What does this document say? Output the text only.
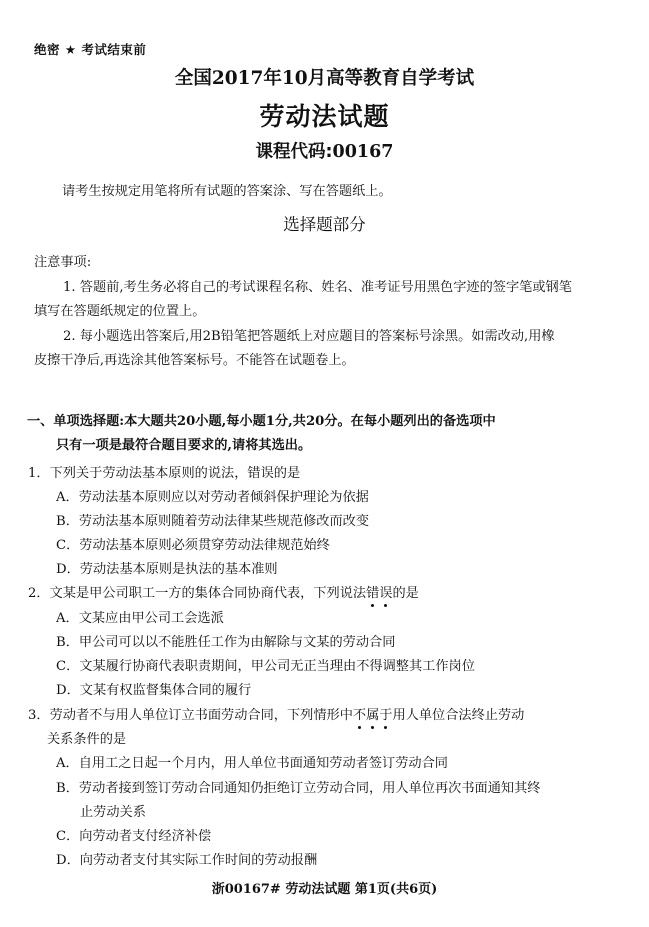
绝密 ★ 考试结束前
全国2017年10月高等教育自学考试
劳动法试题
课程代码:00167
请考生按规定用笔将所有试题的答案涂、写在答题纸上。
选择题部分
注意事项:
1. 答题前,考生务必将自己的考试课程名称、姓名、准考证号用黑色字迹的签字笔或钢笔
填写在答题纸规定的位置上。
2. 每小题选出答案后,用2B铅笔把答题纸上对应题目的答案标号涂黑。如需改动,用橡
皮擦干净后,再选涂其他答案标号。不能答在试题卷上。
一、单项选择题:本大题共20小题,每小题1分,共20分。在每小题列出的备选项中
只有一项是最符合题目要求的,请将其选出。
1．下列关于劳动法基本原则的说法，错误的是
A．劳动法基本原则应以对劳动者倾斜保护理论为依据
B．劳动法基本原则随着劳动法律某些规范修改而改变
C．劳动法基本原则必须贯穿劳动法律规范始终
D．劳动法基本原则是执法的基本准则
2．文某是甲公司职工一方的集体合同协商代表，下列说法错误的是
A．文某应由甲公司工会选派
B．甲公司可以以不能胜任工作为由解除与文某的劳动合同
C．文某履行协商代表职责期间，甲公司无正当理由不得调整其工作岗位
D．文某有权监督集体合同的履行
3．劳动者不与用人单位订立书面劳动合同，下列情形中不属于用人单位合法终止劳动
关系条件的是
A．自用工之日起一个月内，用人单位书面通知劳动者签订劳动合同
B．劳动者接到签订劳动合同通知仍拒绝订立劳动合同，用人单位再次书面通知其终
止劳动关系
C．向劳动者支付经济补偿
D．向劳动者支付其实际工作时间的劳动报酬
浙00167# 劳动法试题 第1页(共6页)
